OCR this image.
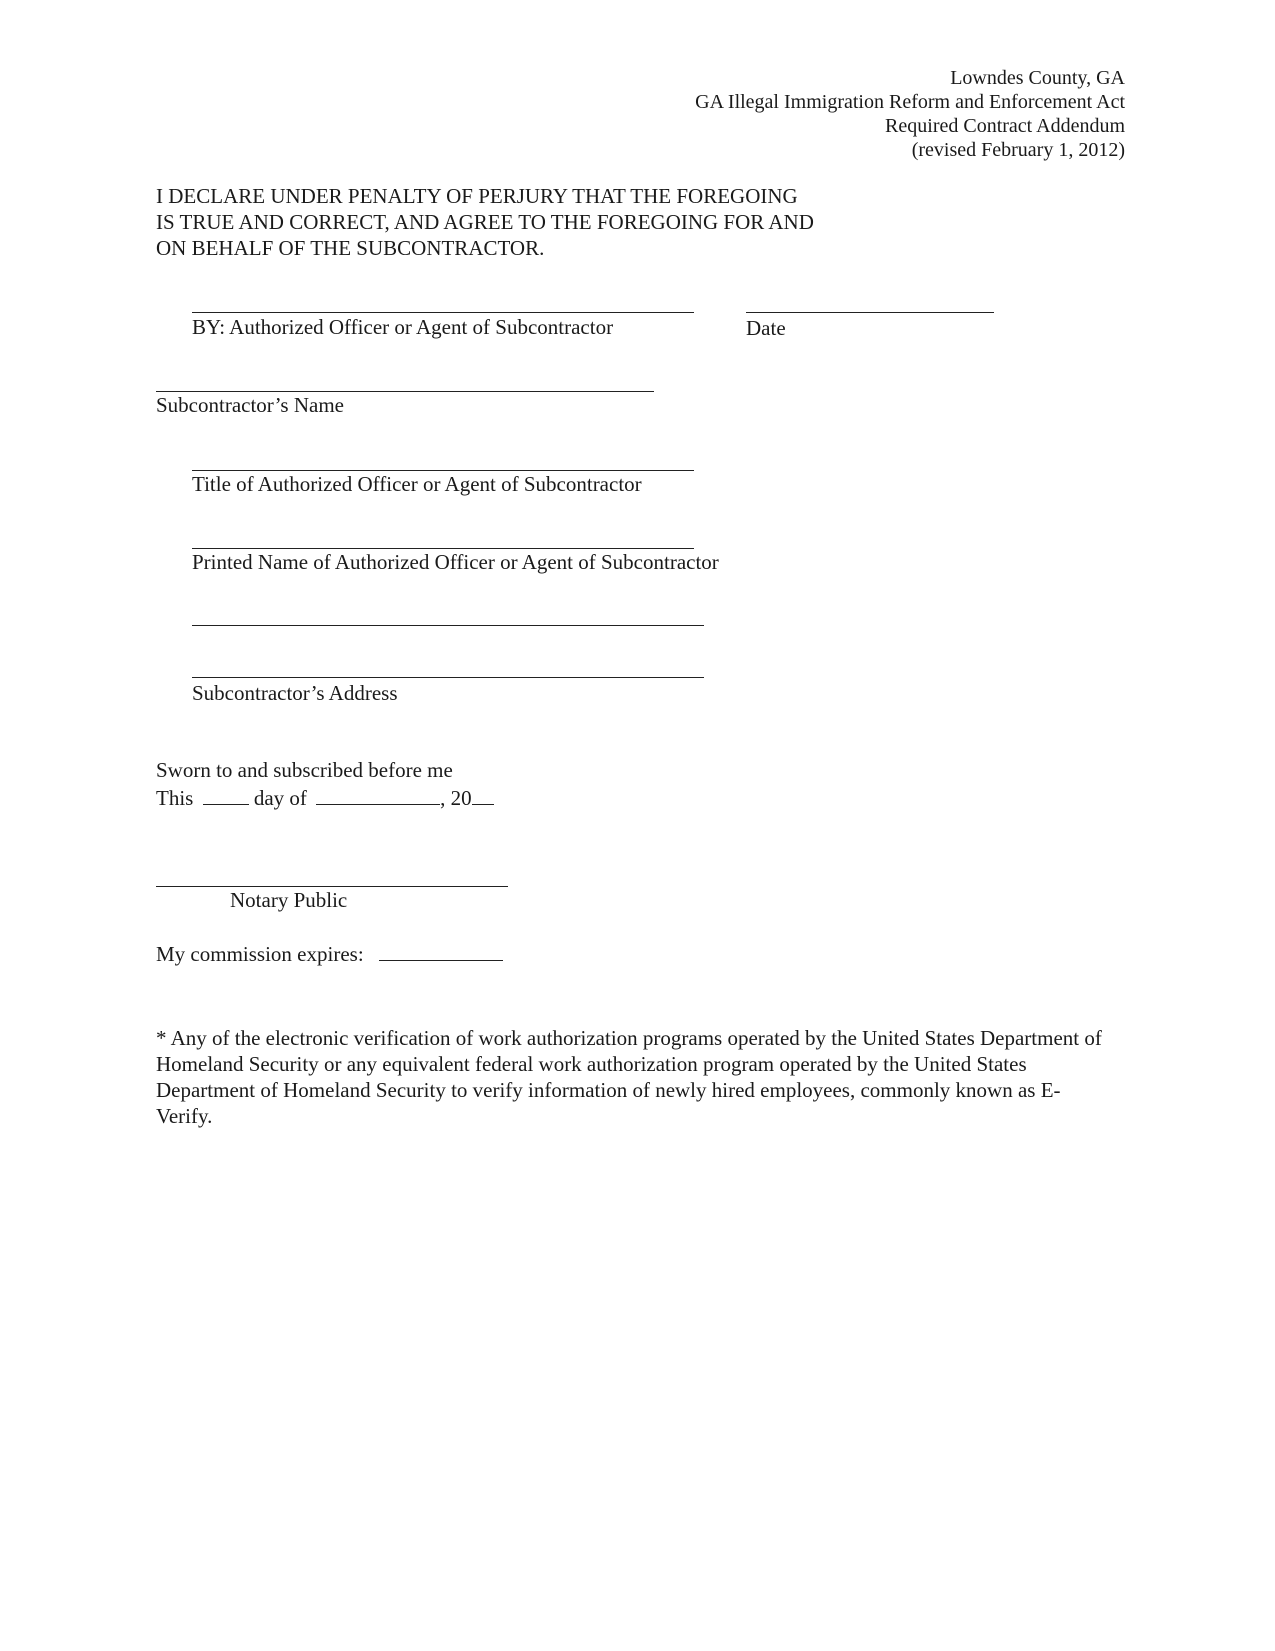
Lowndes County, GA
GA Illegal Immigration Reform and Enforcement Act
Required Contract Addendum
(revised February 1, 2012)
I DECLARE UNDER PENALTY OF PERJURY THAT THE FOREGOING
IS TRUE AND CORRECT, AND AGREE TO THE FOREGOING FOR AND
ON BEHALF OF THE SUBCONTRACTOR.
BY: Authorized Officer or Agent of Subcontractor	Date
Subcontractor’s Name
Title of Authorized Officer or Agent of Subcontractor
Printed Name of Authorized Officer or Agent of Subcontractor
Subcontractor’s Address
Sworn to and subscribed before me
This	day of	, 20
Notary Public
My commission expires:
* Any of the electronic verification of work authorization programs operated by the United States Department of Homeland Security or any equivalent federal work authorization program operated by the United States Department of Homeland Security to verify information of newly hired employees, commonly known as E-Verify.
